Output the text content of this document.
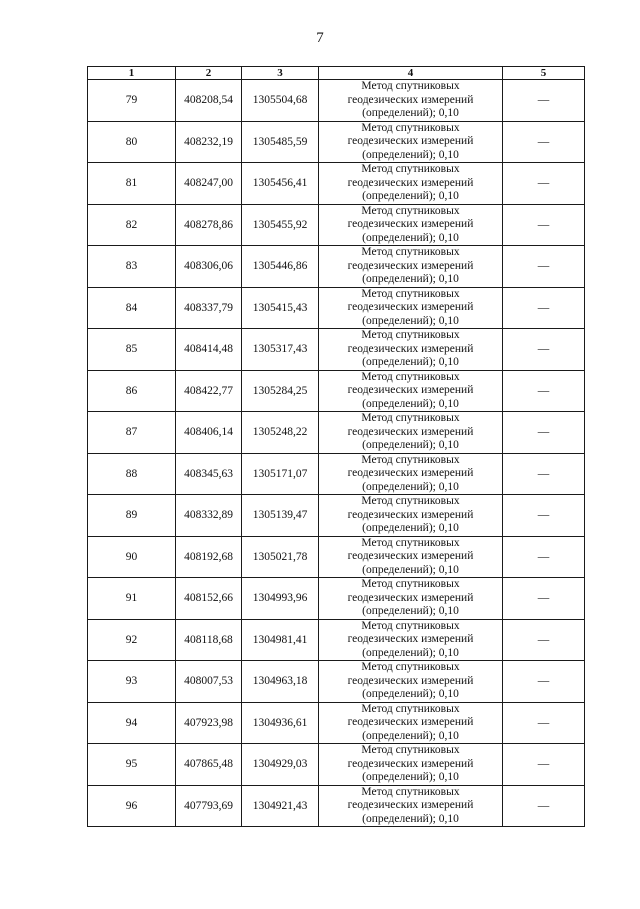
7
1	2	3	4	5
79	408208,54	1305504,68	Метод спутниковых
геодезических измерений
(определений); 0,10	—
80	408232,19	1305485,59	Метод спутниковых
геодезических измерений
(определений); 0,10	—
81	408247,00	1305456,41	Метод спутниковых
геодезических измерений
(определений); 0,10	—
82	408278,86	1305455,92	Метод спутниковых
геодезических измерений
(определений); 0,10	—
83	408306,06	1305446,86	Метод спутниковых
геодезических измерений
(определений); 0,10	—
84	408337,79	1305415,43	Метод спутниковых
геодезических измерений
(определений); 0,10	—
85	408414,48	1305317,43	Метод спутниковых
геодезических измерений
(определений); 0,10	—
86	408422,77	1305284,25	Метод спутниковых
геодезических измерений
(определений); 0,10	—
87	408406,14	1305248,22	Метод спутниковых
геодезических измерений
(определений); 0,10	—
88	408345,63	1305171,07	Метод спутниковых
геодезических измерений
(определений); 0,10	—
89	408332,89	1305139,47	Метод спутниковых
геодезических измерений
(определений); 0,10	—
90	408192,68	1305021,78	Метод спутниковых
геодезических измерений
(определений); 0,10	—
91	408152,66	1304993,96	Метод спутниковых
геодезических измерений
(определений); 0,10	—
92	408118,68	1304981,41	Метод спутниковых
геодезических измерений
(определений); 0,10	—
93	408007,53	1304963,18	Метод спутниковых
геодезических измерений
(определений); 0,10	—
94	407923,98	1304936,61	Метод спутниковых
геодезических измерений
(определений); 0,10	—
95	407865,48	1304929,03	Метод спутниковых
геодезических измерений
(определений); 0,10	—
96	407793,69	1304921,43	Метод спутниковых
геодезических измерений
(определений); 0,10	—
